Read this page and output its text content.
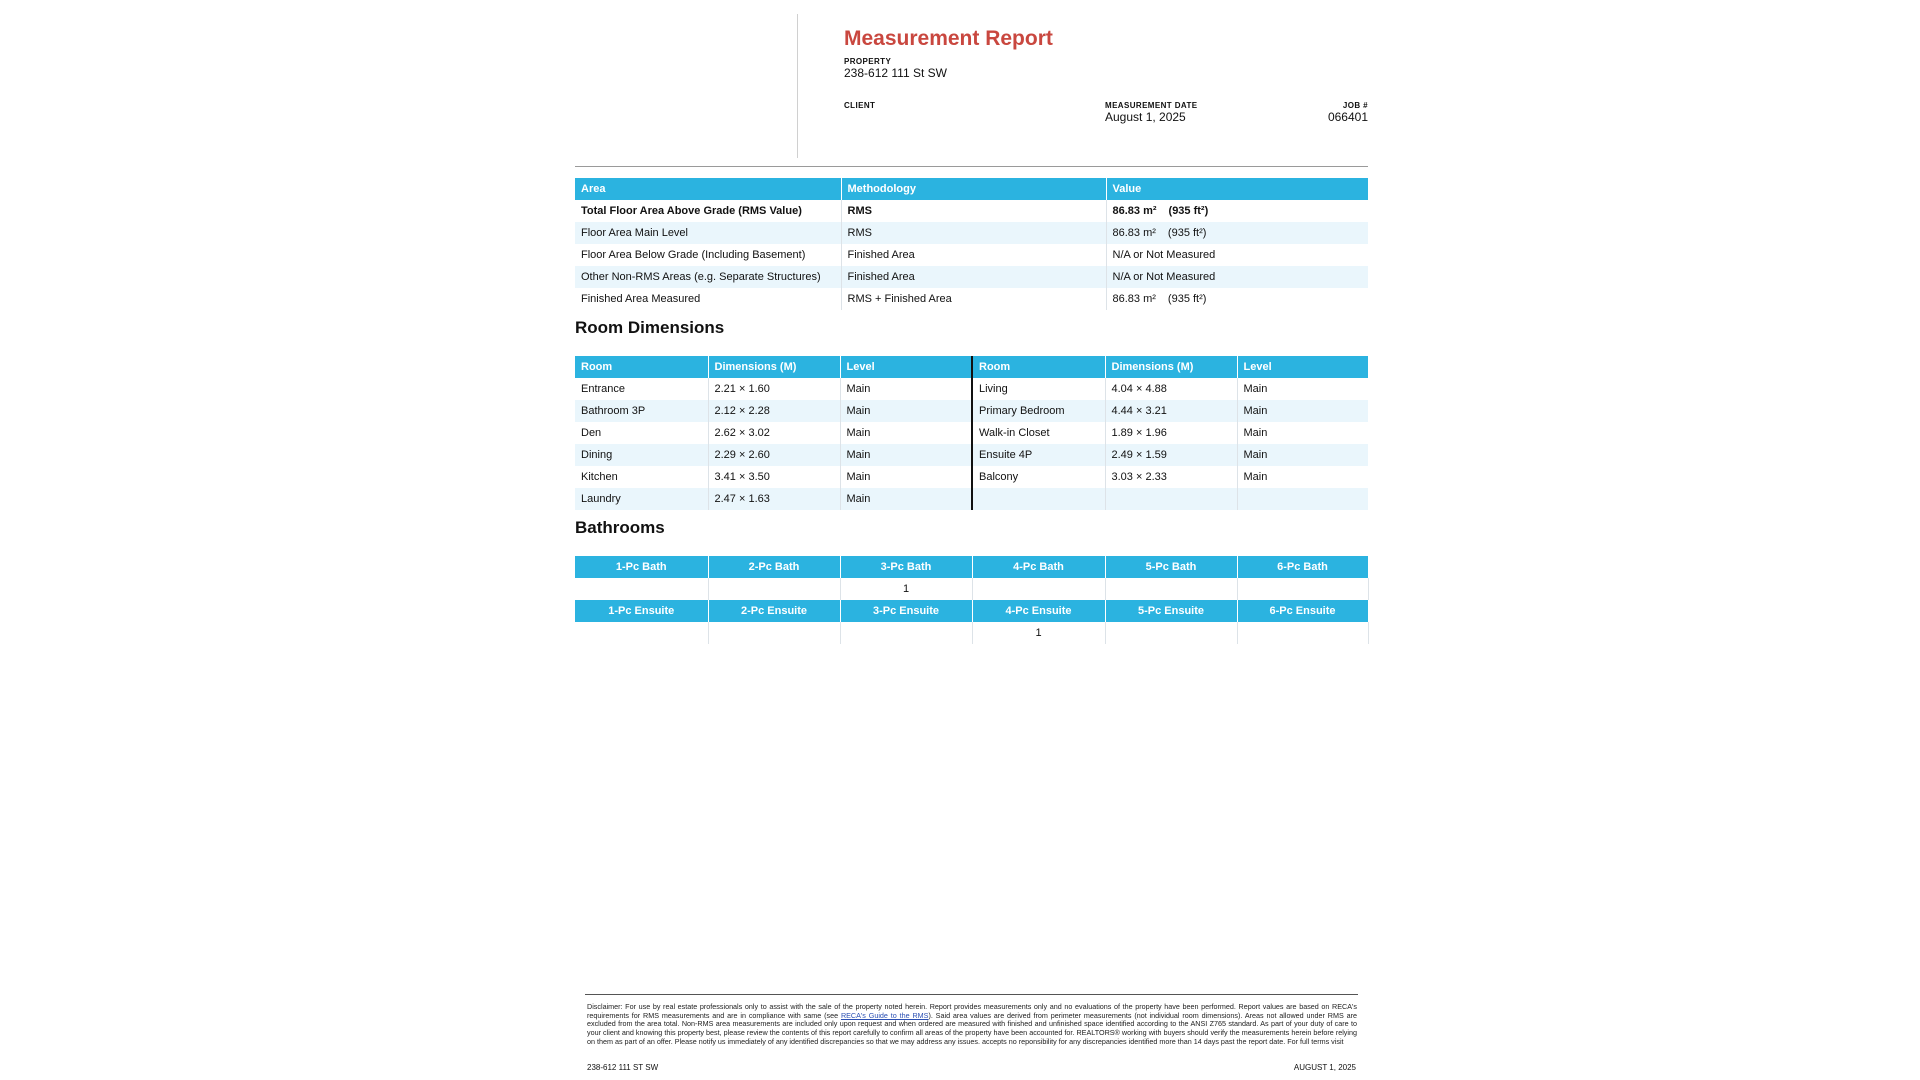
Measurement Report
PROPERTY
238-612 111 St SW
CLIENT	MEASUREMENT DATE
August 1, 2025
JOB #
066401
Area	Methodology	Value
Total Floor Area Above Grade (RMS Value)	RMS	86.83 m² (935 ft²)
Floor Area Main Level	RMS	86.83 m² (935 ft²)
Floor Area Below Grade (Including Basement)	Finished Area	N/A or Not Measured
Other Non-RMS Areas (e.g. Separate Structures)	Finished Area	N/A or Not Measured
Finished Area Measured	RMS + Finished Area	86.83 m² (935 ft²)
Room Dimensions
Room	Dimensions (M)	Level	Room	Dimensions (M)	Level
Entrance	2.21 × 1.60	Main	Living	4.04 × 4.88	Main
Bathroom 3P	2.12 × 2.28	Main	Primary Bedroom	4.44 × 3.21	Main
Den	2.62 × 3.02	Main	Walk-in Closet	1.89 × 1.96	Main
Dining	2.29 × 2.60	Main	Ensuite 4P	2.49 × 1.59	Main
Kitchen	3.41 × 3.50	Main	Balcony	3.03 × 2.33	Main
Laundry	2.47 × 1.63	Main			
Bathrooms
1-Pc Bath	2-Pc Bath	3-Pc Bath	4-Pc Bath	5-Pc Bath	6-Pc Bath
		1			
1-Pc Ensuite	2-Pc Ensuite	3-Pc Ensuite	4-Pc Ensuite	5-Pc Ensuite	6-Pc Ensuite
			1		
Disclaimer: For use by real estate professionals only to assist with the sale of the property noted herein. Report provides measurements only and no evaluations of the property have been performed. Report values are based on RECA's requirements for RMS measurements and are in compliance with same (see RECA's Guide to the RMS). Said area values are derived from perimeter measurements (not individual room dimensions). Areas not allowed under RMS are excluded from the area total. Non-RMS area measurements are included only upon request and when ordered are measured with finished and unfinished space identified according to the ANSI Z765 standard. As part of your duty of care to your client and knowing this property best, please review the contents of this report carefully to confirm all areas of the property have been accounted for. REALTORS® working with buyers should verify the measurements herein before relying on them as part of an offer. Please notify us immediately of any identified discrepancies so that we may address any issues. accepts no reponsibility for any discrepancies identified more than 14 days past the report date. For full terms visit
238-612 111 ST SW	AUGUST 1, 2025
